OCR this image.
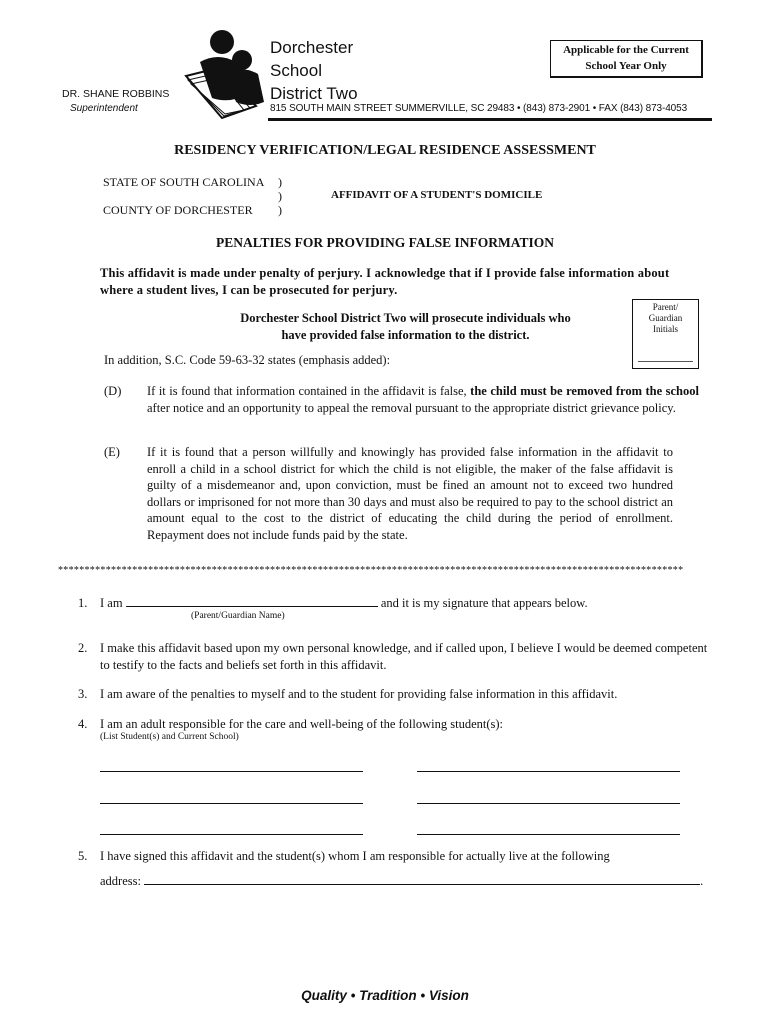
Dorchester
School
District Two
815 SOUTH MAIN STREET SUMMERVILLE, SC 29483 • (843) 873-2901 • FAX (843) 873-4053
Applicable for the Current
School Year Only
DR. SHANE ROBBINS
Superintendent
RESIDENCY VERIFICATION/LEGAL RESIDENCE ASSESSMENT
STATE OF SOUTH CAROLINA
COUNTY OF DORCHESTER
)
)
)
AFFIDAVIT OF A STUDENT'S DOMICILE
PENALTIES FOR PROVIDING FALSE INFORMATION
This affidavit is made under penalty of perjury. I acknowledge that if I provide false information about where a student lives, I can be prosecuted for perjury.
Dorchester School District Two will prosecute individuals who have provided false information to the district.
Parent/
Guardian
Initials
In addition, S.C. Code 59-63-32 states (emphasis added):
(D) If it is found that information contained in the affidavit is false, the child must be removed from the school after notice and an opportunity to appeal the removal pursuant to the appropriate district grievance policy.
(E) If it is found that a person willfully and knowingly has provided false information in the affidavit to enroll a child in a school district for which the child is not eligible, the maker of the false affidavit is guilty of a misdemeanor and, upon conviction, must be fined an amount not to exceed two hundred dollars or imprisoned for not more than 30 days and must also be required to pay to the school district an amount equal to the cost to the district of educating the child during the period of enrollment. Repayment does not include funds paid by the state.
**********************************************************************************************************************
1. I am	and it is my signature that appears below.
(Parent/Guardian Name)
2. I make this affidavit based upon my own personal knowledge, and if called upon, I believe I would be deemed competent to testify to the facts and beliefs set forth in this affidavit.
3. I am aware of the penalties to myself and to the student for providing false information in this affidavit.
4. I am an adult responsible for the care and well-being of the following student(s):
(List Student(s) and Current School)
5. I have signed this affidavit and the student(s) whom I am responsible for actually live at the following
address:	.
Quality • Tradition • Vision
